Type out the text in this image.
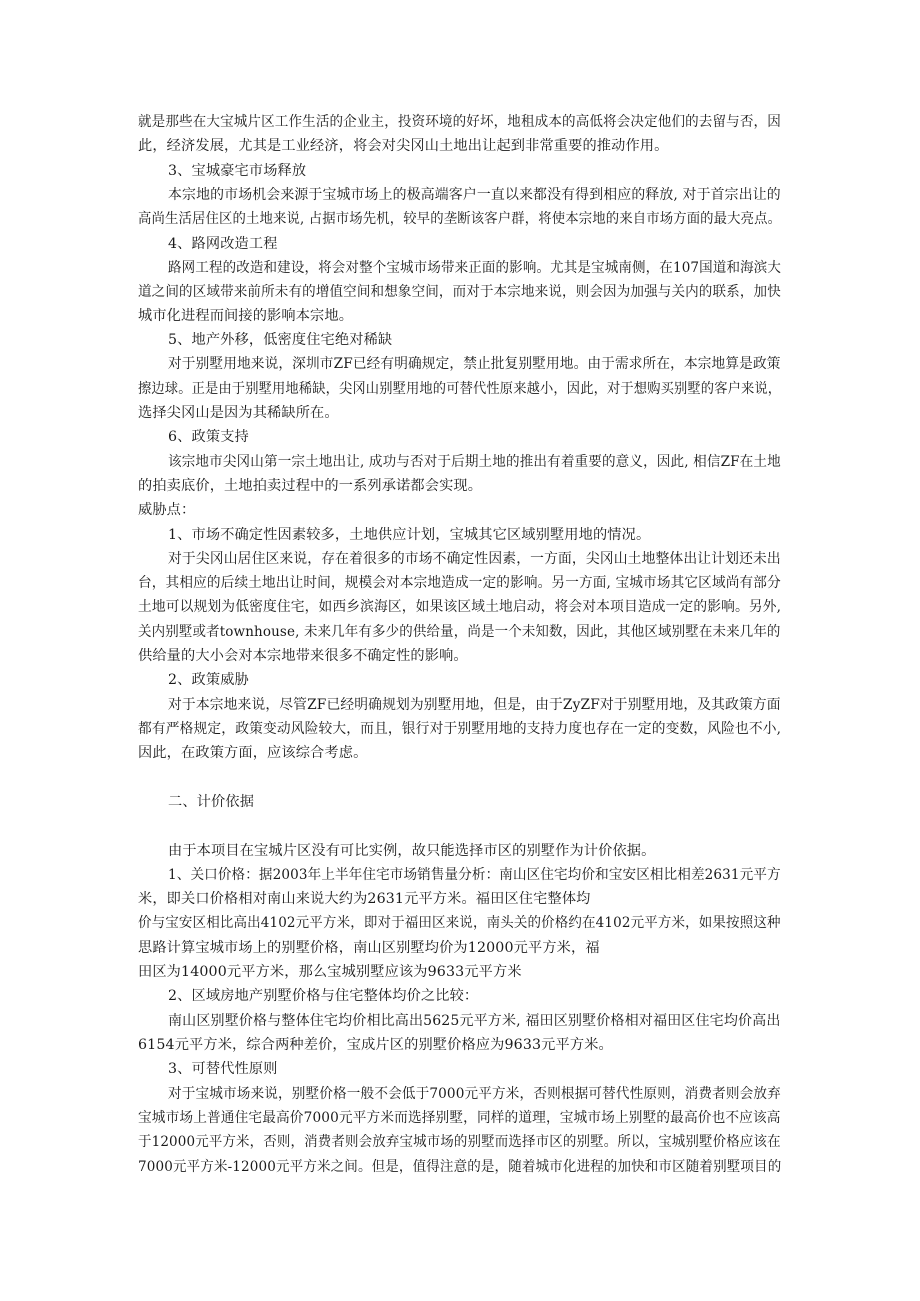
就是那些在大宝城片区工作生活的企业主，投资环境的好坏，地租成本的高低将会决定他们的去留与否，因
此，经济发展，尤其是工业经济，将会对尖冈山土地出让起到非常重要的推动作用。
3、宝城豪宅市场释放
本宗地的市场机会来源于宝城市场上的极高端客户一直以来都没有得到相应的释放, 对于首宗出让的
高尚生活居住区的土地来说, 占据市场先机，较早的垄断该客户群，将使本宗地的来自市场方面的最大亮点。
4、路网改造工程
路网工程的改造和建设，将会对整个宝城市场带来正面的影响。尤其是宝城南侧，在107国道和海滨大
道之间的区域带来前所未有的增值空间和想象空间，而对于本宗地来说，则会因为加强与关内的联系，加快
城市化进程而间接的影响本宗地。
5、地产外移，低密度住宅绝对稀缺
对于别墅用地来说，深圳市ZF已经有明确规定，禁止批复别墅用地。由于需求所在，本宗地算是政策
擦边球。正是由于别墅用地稀缺，尖冈山别墅用地的可替代性原来越小，因此，对于想购买别墅的客户来说，
选择尖冈山是因为其稀缺所在。
6、政策支持
该宗地市尖冈山第一宗土地出让, 成功与否对于后期土地的推出有着重要的意义，因此, 相信ZF在土地
的拍卖底价，土地拍卖过程中的一系列承诺都会实现。
威胁点：
1、市场不确定性因素较多，土地供应计划，宝城其它区域别墅用地的情况。
对于尖冈山居住区来说，存在着很多的市场不确定性因素，一方面，尖冈山土地整体出让计划还未出
台，其相应的后续土地出让时间，规模会对本宗地造成一定的影响。另一方面, 宝城市场其它区域尚有部分
土地可以规划为低密度住宅，如西乡滨海区，如果该区域土地启动，将会对本项目造成一定的影响。另外,
关内别墅或者townhouse, 未来几年有多少的供给量，尚是一个未知数，因此，其他区域别墅在未来几年的
供给量的大小会对本宗地带来很多不确定性的影响。
2、政策威胁
对于本宗地来说，尽管ZF已经明确规划为别墅用地，但是，由于ZyZF对于别墅用地，及其政策方面
都有严格规定，政策变动风险较大，而且，银行对于别墅用地的支持力度也存在一定的变数，风险也不小,
因此，在政策方面，应该综合考虑。
二、计价依据
由于本项目在宝城片区没有可比实例，故只能选择市区的别墅作为计价依据。
1、关口价格：据2003年上半年住宅市场销售量分析：南山区住宅均价和宝安区相比相差2631元平方
米，即关口价格相对南山来说大约为2631元平方米。福田区住宅整体均
价与宝安区相比高出4102元平方米，即对于福田区来说，南头关的价格约在4102元平方米，如果按照这种
思路计算宝城市场上的别墅价格，南山区别墅均价为12000元平方米，福
田区为14000元平方米，那么宝城别墅应该为9633元平方米
2、区域房地产别墅价格与住宅整体均价之比较：
南山区别墅价格与整体住宅均价相比高出5625元平方米, 福田区别墅价格相对福田区住宅均价高出
6154元平方米，综合两种差价，宝成片区的别墅价格应为9633元平方米。
3、可替代性原则
对于宝城市场来说，别墅价格一般不会低于7000元平方米，否则根据可替代性原则，消费者则会放弃
宝城市场上普通住宅最高价7000元平方米而选择别墅，同样的道理，宝城市场上别墅的最高价也不应该高
于12000元平方米，否则，消费者则会放弃宝城市场的别墅而选择市区的别墅。所以，宝城别墅价格应该在
7000元平方米-12000元平方米之间。但是，值得注意的是，随着城市化进程的加快和市区随着别墅项目的
